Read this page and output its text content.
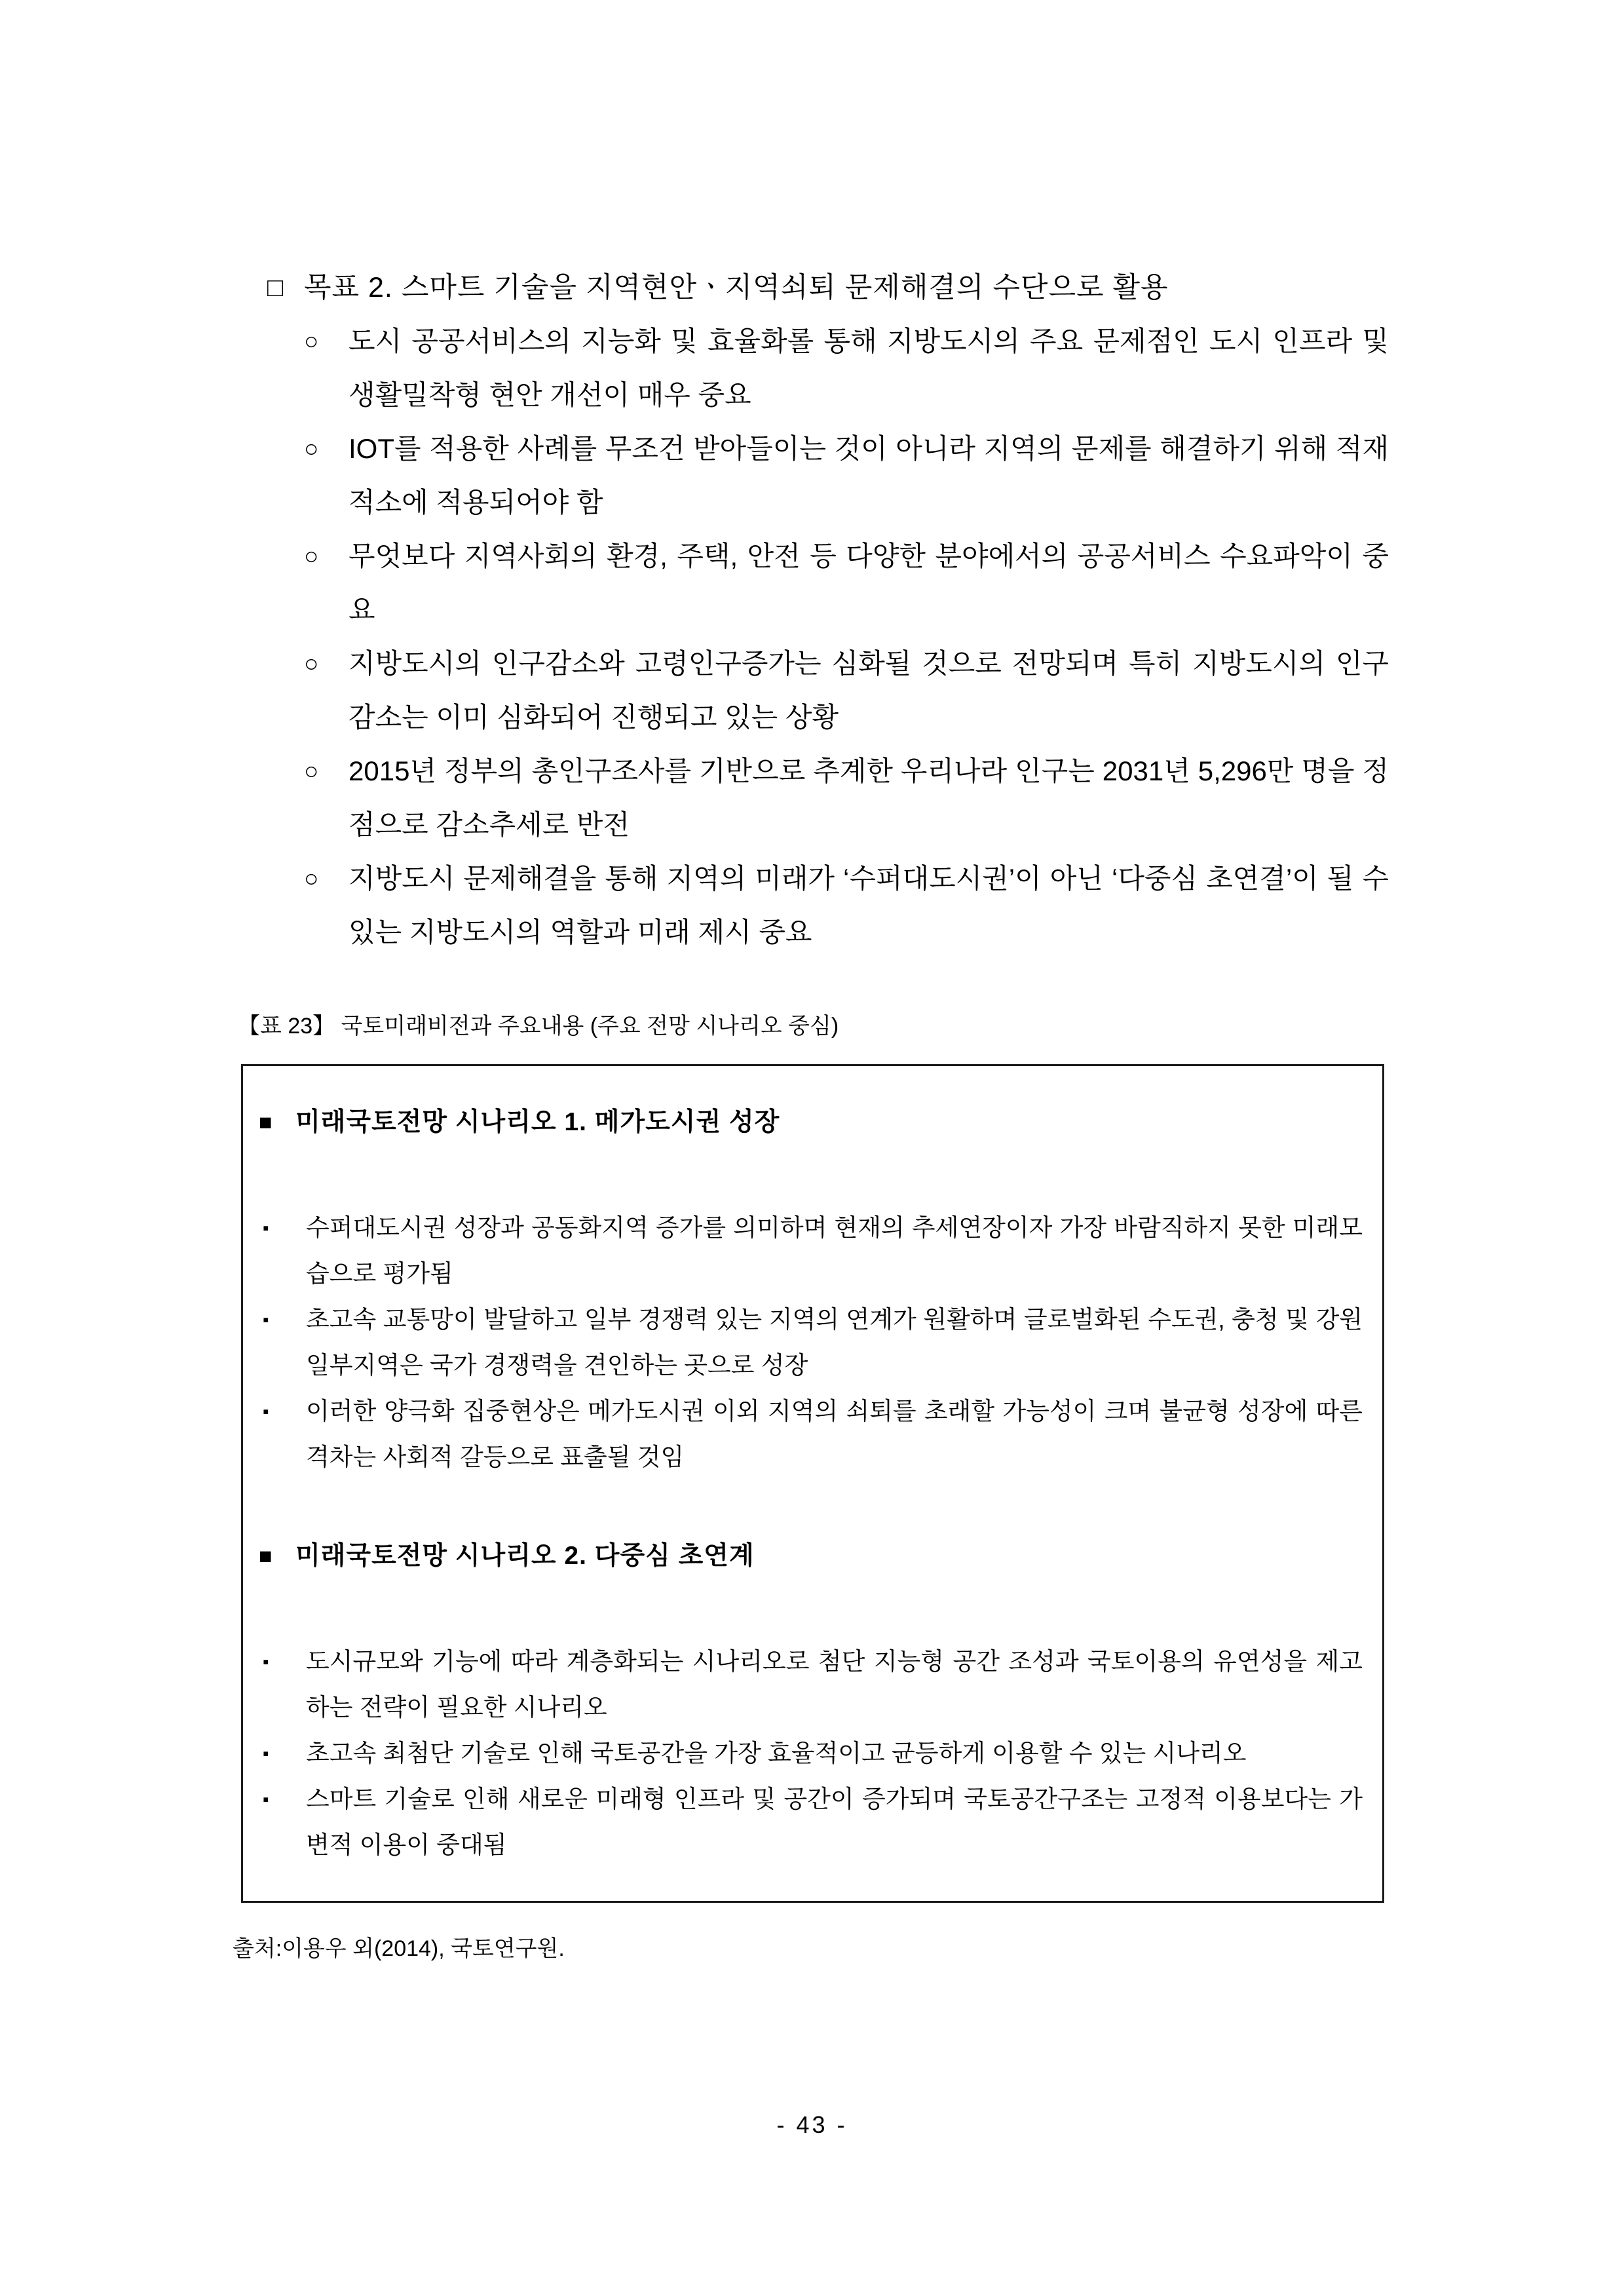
□ 목표 2. 스마트 기술을 지역현안ㆍ지역쇠퇴 문제해결의 수단으로 활용
○	도시 공공서비스의 지능화 및 효율화롤 통해 지방도시의 주요 문제점인 도시 인프라 및 생활밀착형 현안 개선이 매우 중요
○	IOT를 적용한 사례를 무조건 받아들이는 것이 아니라 지역의 문제를 해결하기 위해 적재적소에 적용되어야 함
○	무엇보다 지역사회의 환경, 주택, 안전 등 다양한 분야에서의 공공서비스 수요파악이 중요
○	지방도시의 인구감소와 고령인구증가는 심화될 것으로 전망되며 특히 지방도시의 인구감소는 이미 심화되어 진행되고 있는 상황
○	2015년 정부의 총인구조사를 기반으로 추계한 우리나라 인구는 2031년 5,296만 명을 정점으로 감소추세로 반전
○	지방도시 문제해결을 통해 지역의 미래가 ‘수퍼대도시권’이 아닌 ‘다중심 초연결’이 될 수 있는 지방도시의 역할과 미래 제시 중요
【표 23】 국토미래비전과 주요내용 (주요 전망 시나리오 중심)
■ 미래국토전망 시나리오 1. 메가도시권 성장
▪	수퍼대도시권 성장과 공동화지역 증가를 의미하며 현재의 추세연장이자 가장 바람직하지 못한 미래모습으로 평가됨
▪	초고속 교통망이 발달하고 일부 경쟁력 있는 지역의 연계가 원활하며 글로벌화된 수도권, 충청 및 강원 일부지역은 국가 경쟁력을 견인하는 곳으로 성장
▪	이러한 양극화 집중현상은 메가도시권 이외 지역의 쇠퇴를 초래할 가능성이 크며 불균형 성장에 따른 격차는 사회적 갈등으로 표출될 것임
■ 미래국토전망 시나리오 2. 다중심 초연계
▪	도시규모와 기능에 따라 계층화되는 시나리오로 첨단 지능형 공간 조성과 국토이용의 유연성을 제고하는 전략이 필요한 시나리오
▪	초고속 최첨단 기술로 인해 국토공간을 가장 효율적이고 균등하게 이용할 수 있는 시나리오
▪	스마트 기술로 인해 새로운 미래형 인프라 및 공간이 증가되며 국토공간구조는 고정적 이용보다는 가변적 이용이 중대됨
출처:이용우 외(2014), 국토연구원.
- 43 -
